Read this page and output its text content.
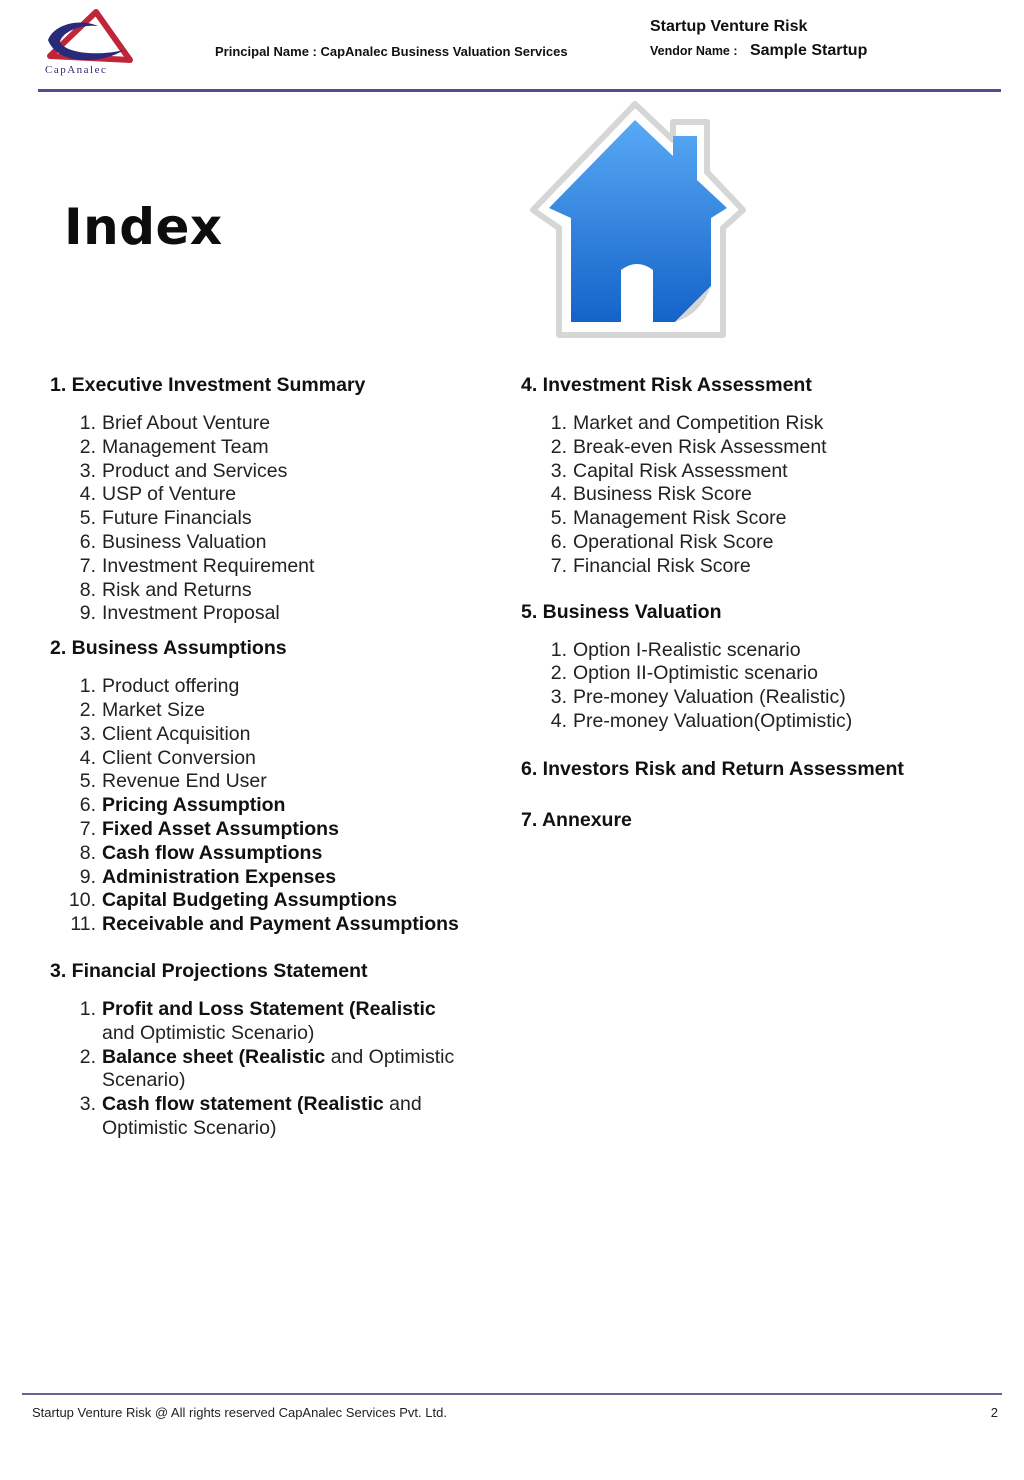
CapAnalec
Principal Name : CapAnalec Business Valuation Services
Startup Venture Risk
Vendor Name : Sample Startup
Index
1. Executive Investment Summary
1. Brief About Venture
2. Management Team
3. Product and Services
4. USP of Venture
5. Future Financials
6. Business Valuation
7. Investment Requirement
8. Risk and Returns
9. Investment Proposal
2. Business Assumptions
1. Product offering
2. Market Size
3. Client Acquisition
4. Client Conversion
5. Revenue End User
6. Pricing Assumption
7. Fixed Asset Assumptions
8. Cash flow Assumptions
9. Administration Expenses
10. Capital Budgeting Assumptions
11. Receivable and Payment Assumptions
3. Financial Projections Statement
1. Profit and Loss Statement (Realistic
and Optimistic Scenario)
2. Balance sheet (Realistic and Optimistic
Scenario)
3. Cash flow statement (Realistic and
Optimistic Scenario)
4. Investment Risk Assessment
1. Market and Competition Risk
2. Break-even Risk Assessment
3. Capital Risk Assessment
4. Business Risk Score
5. Management Risk Score
6. Operational Risk Score
7. Financial Risk Score
5. Business Valuation
1. Option I-Realistic scenario
2. Option II-Optimistic scenario
3. Pre-money Valuation (Realistic)
4. Pre-money Valuation(Optimistic)
6. Investors Risk and Return Assessment
7. Annexure
Startup Venture Risk @ All rights reserved CapAnalec Services Pvt. Ltd.	2
